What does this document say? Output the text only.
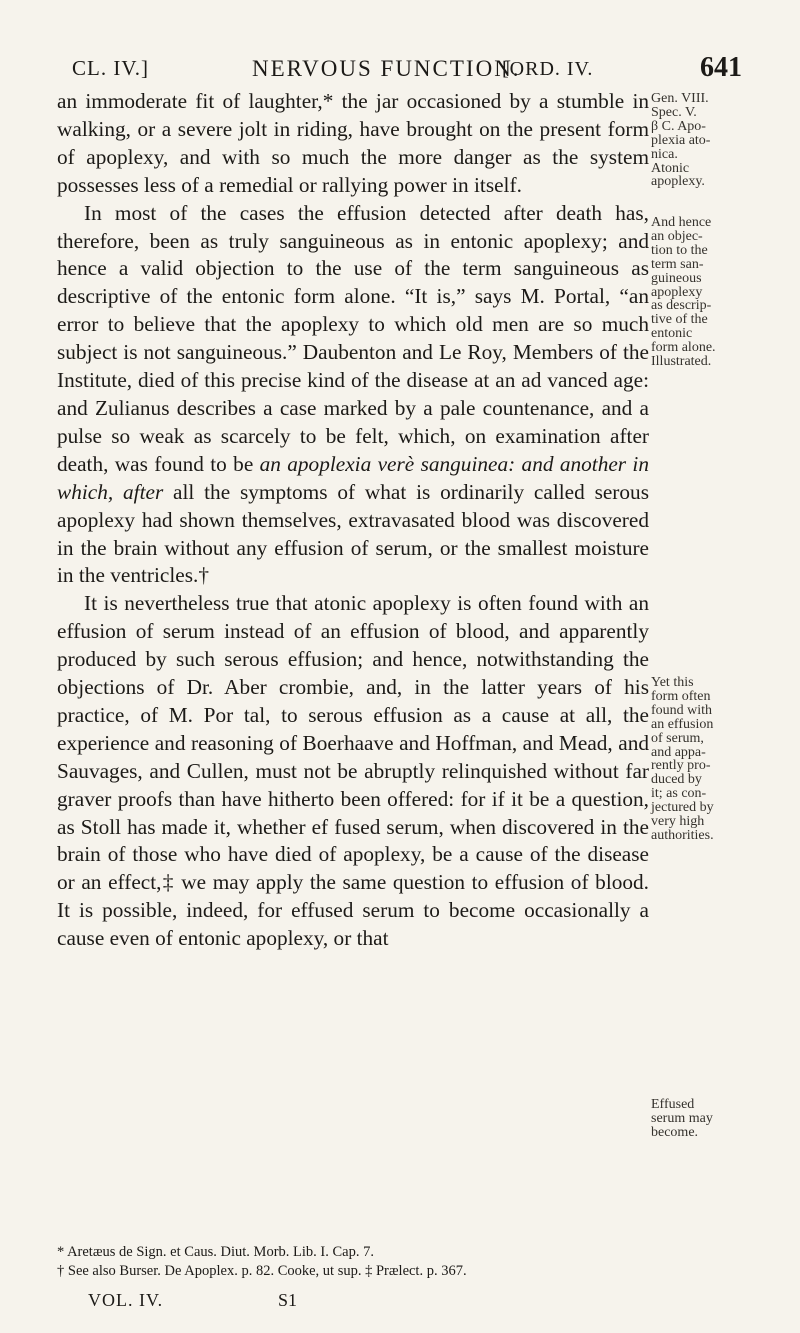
CL. IV.]	NERVOUS FUNCTION.
[ORD. IV.	641

an immoderate fit of laughter,* the jar occasioned by a stumble in walking, or a severe jolt in riding, have brought on the present form of apoplexy, and with so much the more danger as the system possesses less of a remedial or rallying power in itself.

In most of the cases the effusion detected after death has, therefore, been as truly sanguineous as in entonic apoplexy; and hence a valid objection to the use of the term sanguineous as descriptive of the entonic form alone. “It is,” says M. Portal, “an error to believe that the apoplexy to which old men are so much subject is not sanguineous.” Daubenton and Le Roy, Members of the Institute, died of this precise kind of the disease at an ad vanced age: and Zulianus describes a case marked by a pale countenance, and a pulse so weak as scarcely to be felt, which, on examination after death, was found to be an apoplexia verè sanguinea: and another in which, after all the symptoms of what is ordinarily called serous apoplexy had shown themselves, extravasated blood was discovered in the brain without any effusion of serum, or the smallest moisture in the ventricles.†

It is nevertheless true that atonic apoplexy is often found with an effusion of serum instead of an effusion of blood, and apparently produced by such serous effusion; and hence, notwithstanding the objections of Dr. Aber crombie, and, in the latter years of his practice, of M. Por tal, to serous effusion as a cause at all, the experience and reasoning of Boerhaave and Hoffman, and Mead, and Sauvages, and Cullen, must not be abruptly relinquished without far graver proofs than have hitherto been offered: for if it be a question, as Stoll has made it, whether ef fused serum, when discovered in the brain of those who have died of apoplexy, be a cause of the disease or an effect,‡ we may apply the same question to effusion of blood. It is possible, indeed, for effused serum to become occasionally a cause even of entonic apoplexy, or that

Gen. VIII.
Spec. V.
β C. Apo-
plexia ato-
nica.
Atonic
apoplexy.
And hence
an objec-
tion to the
term san-
guineous
apoplexy
as descrip-
tive of the
entonic
form alone.
Illustrated.
Yet this
form often
found with
an effusion
of serum,
and appa-
rently pro-
duced by
it; as con-
jectured by
very high
authorities.
Effused
serum may
become.
* Aretæus de Sign. et Caus. Diut. Morb. Lib. I. Cap. 7.
† See also Burser. De Apoplex. p. 82. Cooke, ut sup. ‡ Prælect. p. 367.
VOL. IV.	S1
